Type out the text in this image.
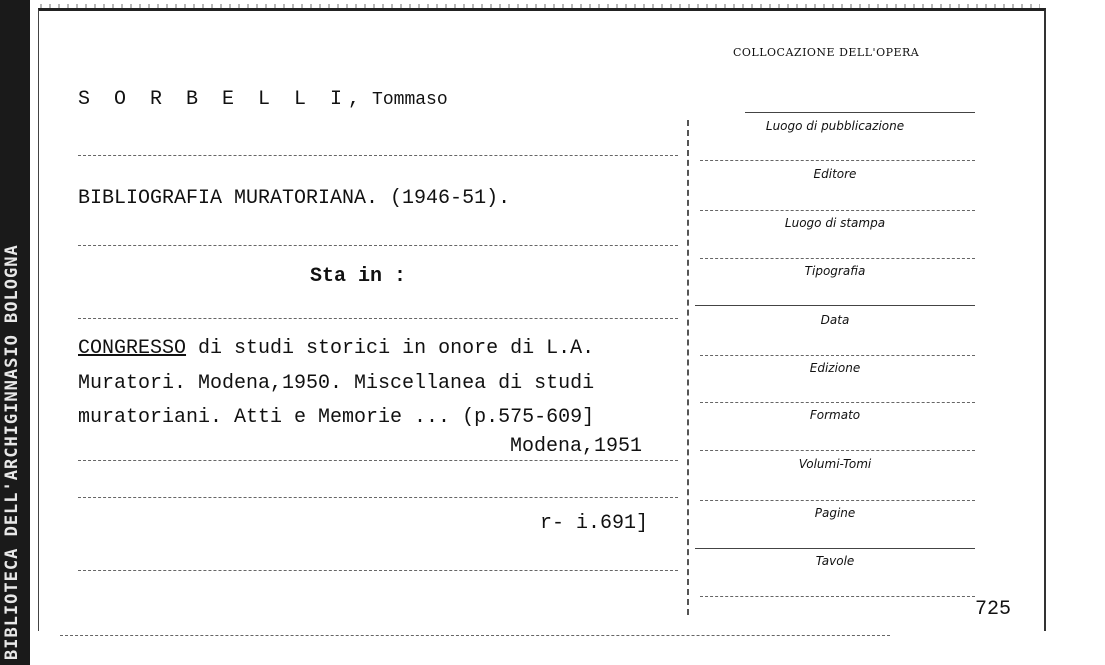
BIBLIOTECA DELL'ARCHIGINNASIO BOLOGNA
COLLOCAZIONE DELL'OPERA
S O R B E L L I, Tommaso
BIBLIOGRAFIA MURATORIANA. (1946-51).
Sta in :
CONGRESSO di studi storici in onore di L.A.
Muratori. Modena,1950. Miscellanea di studi
muratoriani. Atti e Memorie ... (p.575-609]
Modena,1951
r- i.691]
Luogo di pubblicazione
Editore
Luogo di stampa
Tipografia
Data
Edizione
Formato
Volumi-Tomi
Pagine
Tavole
725
